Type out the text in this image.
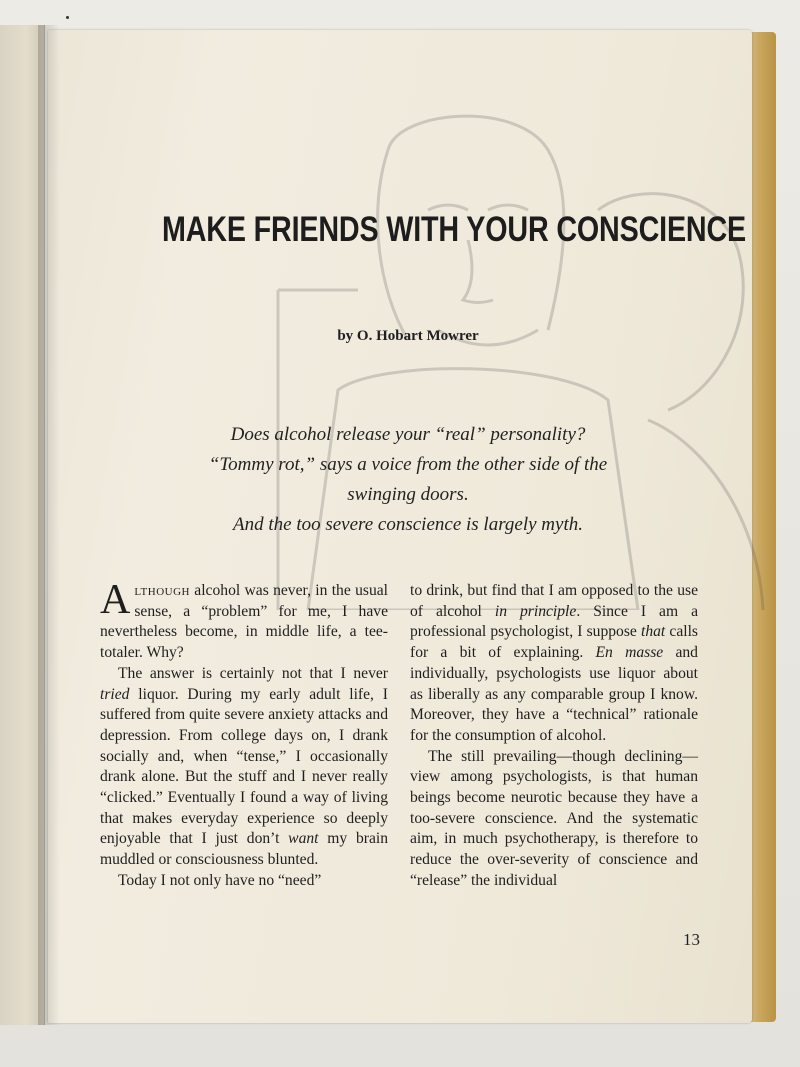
MAKE FRIENDS WITH YOUR CONSCIENCE
by O. Hobart Mowrer
Does alcohol release your “real” personality?
“Tommy rot,” says a voice from the other side of the
swinging doors.
And the too severe conscience is largely myth.

Although alcohol was never, in the usual sense, a “problem” for me, I have nevertheless become, in middle life, a tee-totaler. Why?

The answer is certainly not that I never tried liquor. During my early adult life, I suffered from quite severe anxiety attacks and depression. From college days on, I drank socially and, when “tense,” I occasionally drank alone. But the stuff and I never really “clicked.” Eventually I found a way of living that makes everyday experience so deeply enjoyable that I just don’t want my brain muddled or consciousness blunted.

Today I not only have no “need”

to drink, but find that I am opposed to the use of alcohol in principle. Since I am a professional psychologist, I suppose that calls for a bit of explaining. En masse and individually, psychologists use liquor about as liberally as any comparable group I know. Moreover, they have a “technical” rationale for the consumption of alcohol.

The still prevailing—though declining—view among psychologists, is that human beings become neurotic because they have a too-severe conscience. And the systematic aim, in much psychotherapy, is therefore to reduce the over-severity of conscience and “release” the individual

13
